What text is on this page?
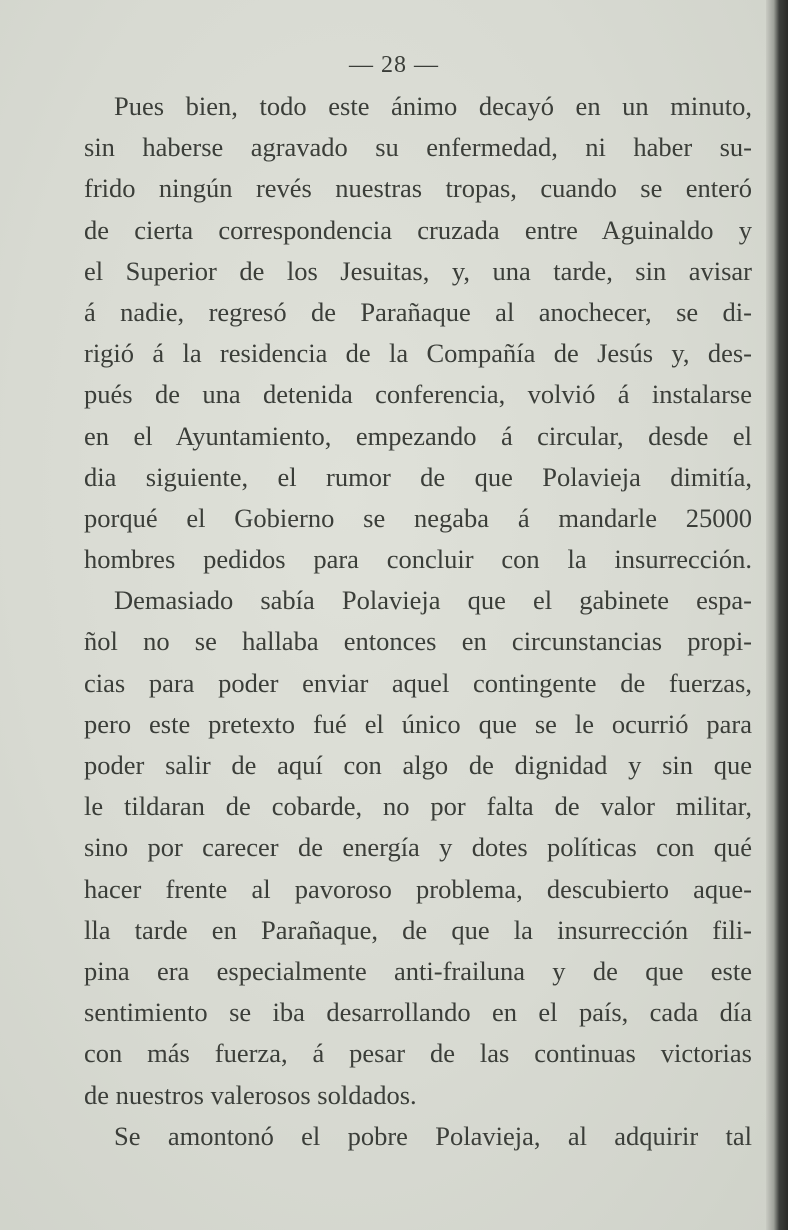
— 28 —
Pues bien, todo este ánimo decayó en un minuto,
sin haberse agravado su enfermedad, ni haber su-
frido ningún revés nuestras tropas, cuando se enteró
de cierta correspondencia cruzada entre Aguinaldo y
el Superior de los Jesuitas, y, una tarde, sin avisar
á nadie, regresó de Parañaque al anochecer, se di-
rigió á la residencia de la Compañía de Jesús y, des-
pués de una detenida conferencia, volvió á instalarse
en el Ayuntamiento, empezando á circular, desde el
dia siguiente, el rumor de que Polavieja dimitía,
porqué el Gobierno se negaba á mandarle 25000
hombres pedidos para concluir con la insurrección.
Demasiado sabía Polavieja que el gabinete espa-
ñol no se hallaba entonces en circunstancias propi-
cias para poder enviar aquel contingente de fuerzas,
pero este pretexto fué el único que se le ocurrió para
poder salir de aquí con algo de dignidad y sin que
le tildaran de cobarde, no por falta de valor militar,
sino por carecer de energía y dotes políticas con qué
hacer frente al pavoroso problema, descubierto aque-
lla tarde en Parañaque, de que la insurrección fili-
pina era especialmente anti-frailuna y de que este
sentimiento se iba desarrollando en el país, cada día
con más fuerza, á pesar de las continuas victorias
de nuestros valerosos soldados.
Se amontonó el pobre Polavieja, al adquirir tal
